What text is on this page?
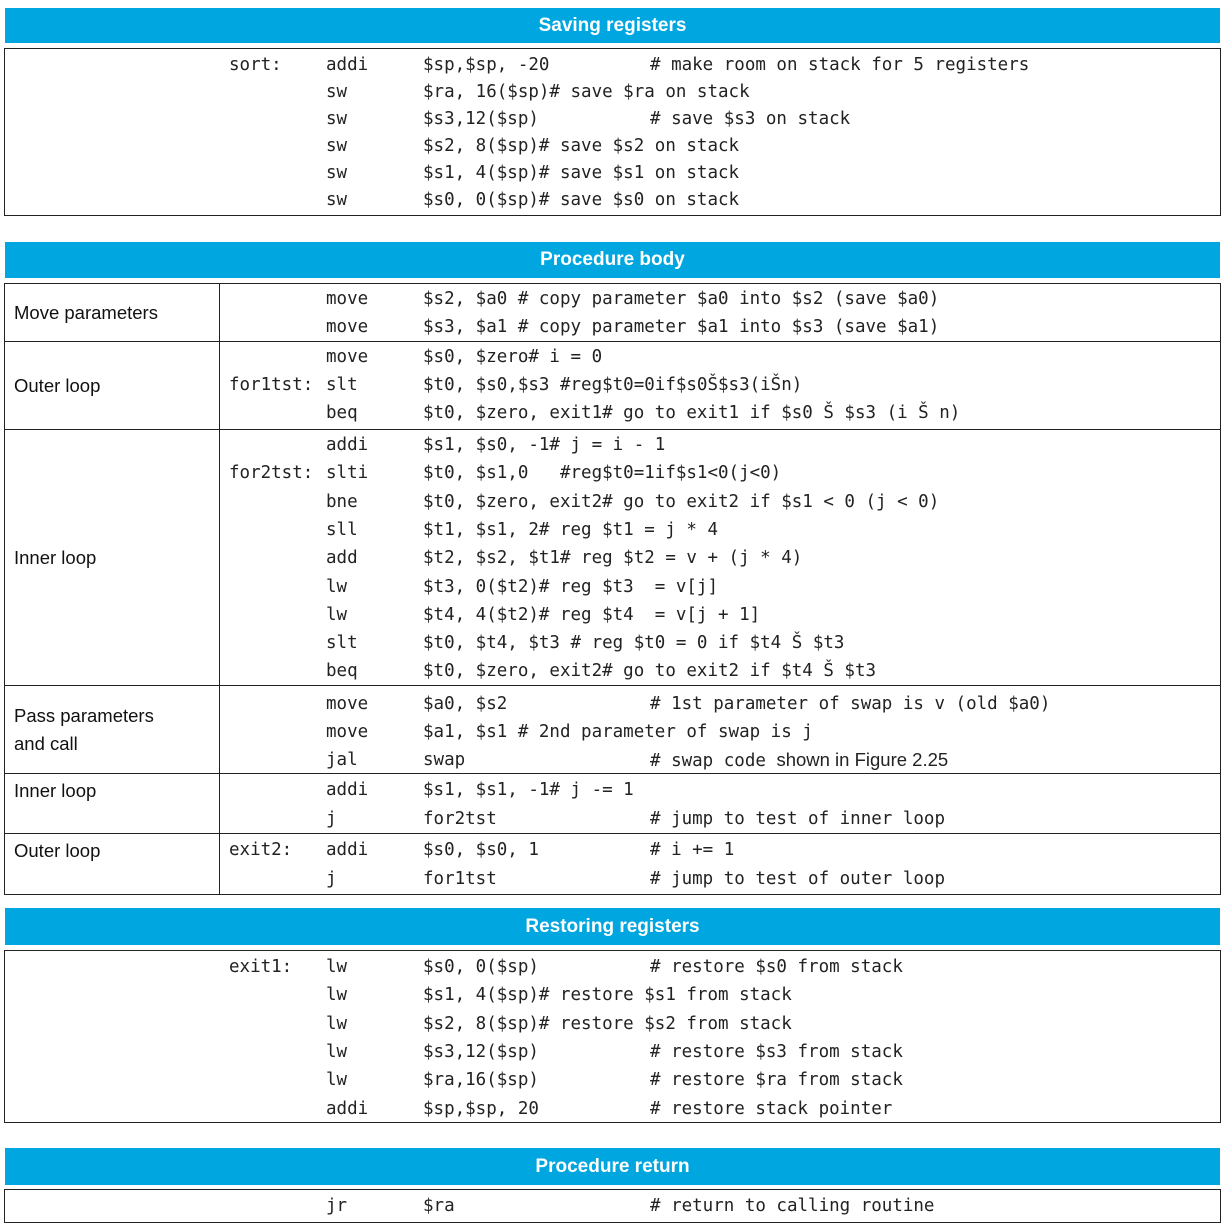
Saving registers
sort:	addi	$sp,$sp, -20	# make room on stack for 5 registers
sw	$ra, 16($sp)# save $ra on stack
sw	$s3,12($sp)	# save $s3 on stack
sw	$s2, 8($sp)# save $s2 on stack
sw	$s1, 4($sp)# save $s1 on stack
sw	$s0, 0($sp)# save $s0 on stack
Procedure body
Move parameters
move	$s2, $a0 # copy parameter $a0 into $s2 (save $a0)
move	$s3, $a1 # copy parameter $a1 into $s3 (save $a1)
Outer loop
move	$s0, $zero# i = 0
for1tst: slt	$t0, $s0,$s3 #reg$t0=0if$s0Š$s3(iŠn)
beq	$t0, $zero, exit1# go to exit1 if $s0 Š $s3 (i Š n)
Inner loop
addi	$s1, $s0, -1# j = i - 1
for2tst: slti	$t0, $s1,0   #reg$t0=1if$s1<0(j<0)
bne	$t0, $zero, exit2# go to exit2 if $s1 < 0 (j < 0)
sll	$t1, $s1, 2# reg $t1 = j * 4
add	$t2, $s2, $t1# reg $t2 = v + (j * 4)
lw	$t3, 0($t2)# reg $t3  = v[j]
lw	$t4, 4($t2)# reg $t4  = v[j + 1]
slt	$t0, $t4, $t3 # reg $t0 = 0 if $t4 Š $t3
beq	$t0, $zero, exit2# go to exit2 if $t4 Š $t3
Pass parameters
and call
move	$a0, $s2	# 1st parameter of swap is v (old $a0)
move	$a1, $s1 # 2nd parameter of swap is j
jal	swap	# swap code shown in Figure 2.25
Inner loop	addi	$s1, $s1, -1# j -= 1
j	for2tst	# jump to test of inner loop
Outer loop	exit2: addi	$s0, $s0, 1	# i += 1
j	for1tst	# jump to test of outer loop
Restoring registers
exit1: lw	$s0, 0($sp)	# restore $s0 from stack
lw	$s1, 4($sp)# restore $s1 from stack
lw	$s2, 8($sp)# restore $s2 from stack
lw	$s3,12($sp)	# restore $s3 from stack
lw	$ra,16($sp)	# restore $ra from stack
addi	$sp,$sp, 20	# restore stack pointer
Procedure return
jr	$ra	# return to calling routine
